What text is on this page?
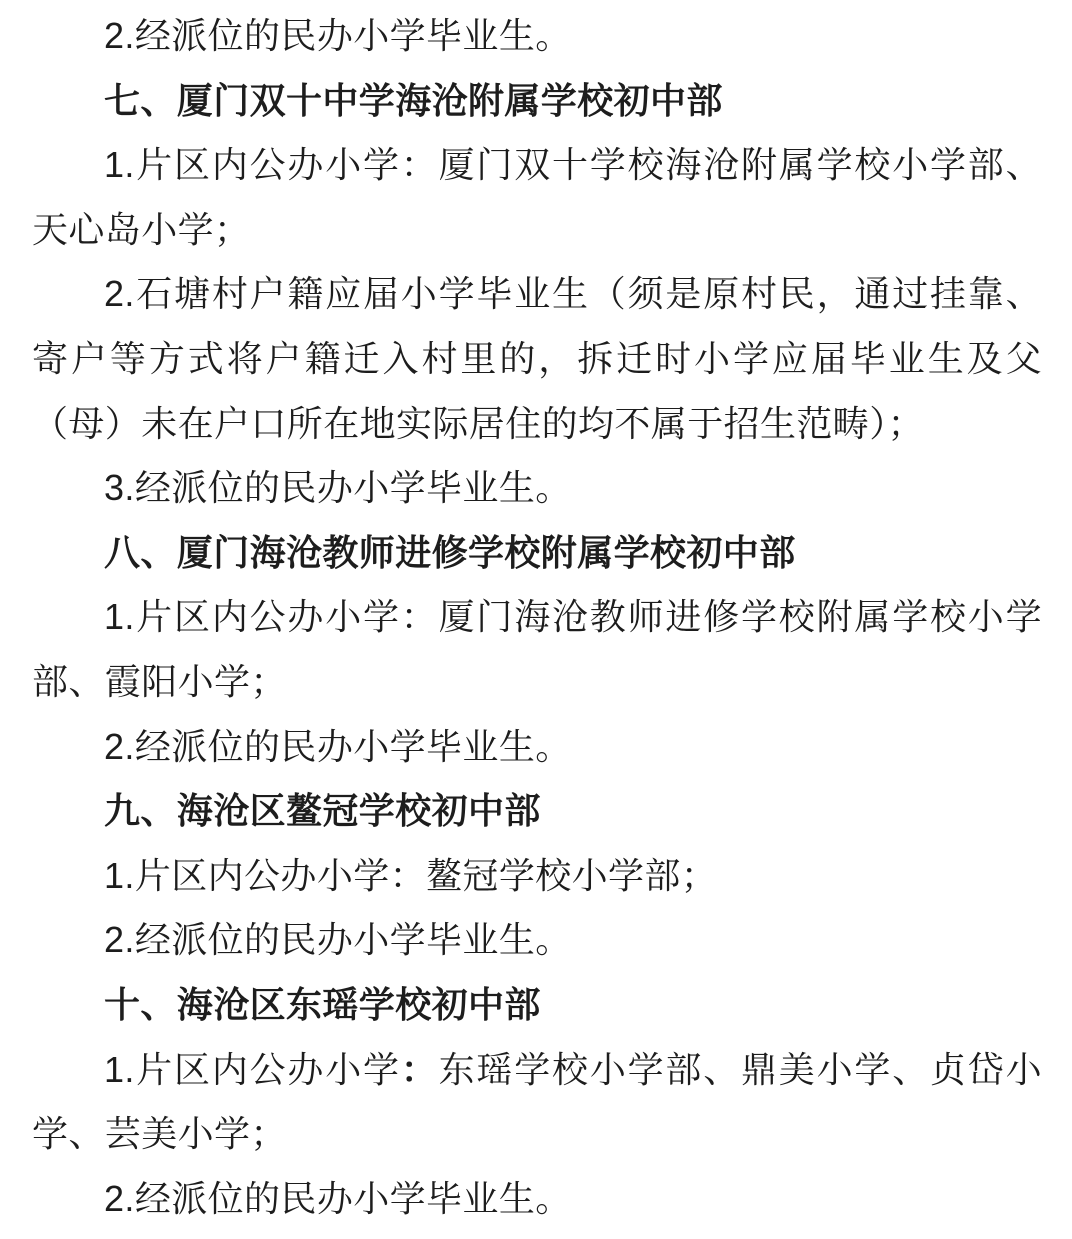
2.经派位的民办小学毕业生。

七、厦门双十中学海沧附属学校初中部

1.片区内公办小学：厦门双十学校海沧附属学校小学部、天心岛小学；

2.石塘村户籍应届小学毕业生（须是原村民，通过挂靠、寄户等方式将户籍迁入村里的，拆迁时小学应届毕业生及父（母）未在户口所在地实际居住的均不属于招生范畴）；

3.经派位的民办小学毕业生。

八、厦门海沧教师进修学校附属学校初中部

1.片区内公办小学：厦门海沧教师进修学校附属学校小学部、霞阳小学；

2.经派位的民办小学毕业生。

九、海沧区鳌冠学校初中部

1.片区内公办小学：鳌冠学校小学部；

2.经派位的民办小学毕业生。

十、海沧区东瑶学校初中部

1.片区内公办小学：东瑶学校小学部、鼎美小学、贞岱小学、芸美小学；

2.经派位的民办小学毕业生。
